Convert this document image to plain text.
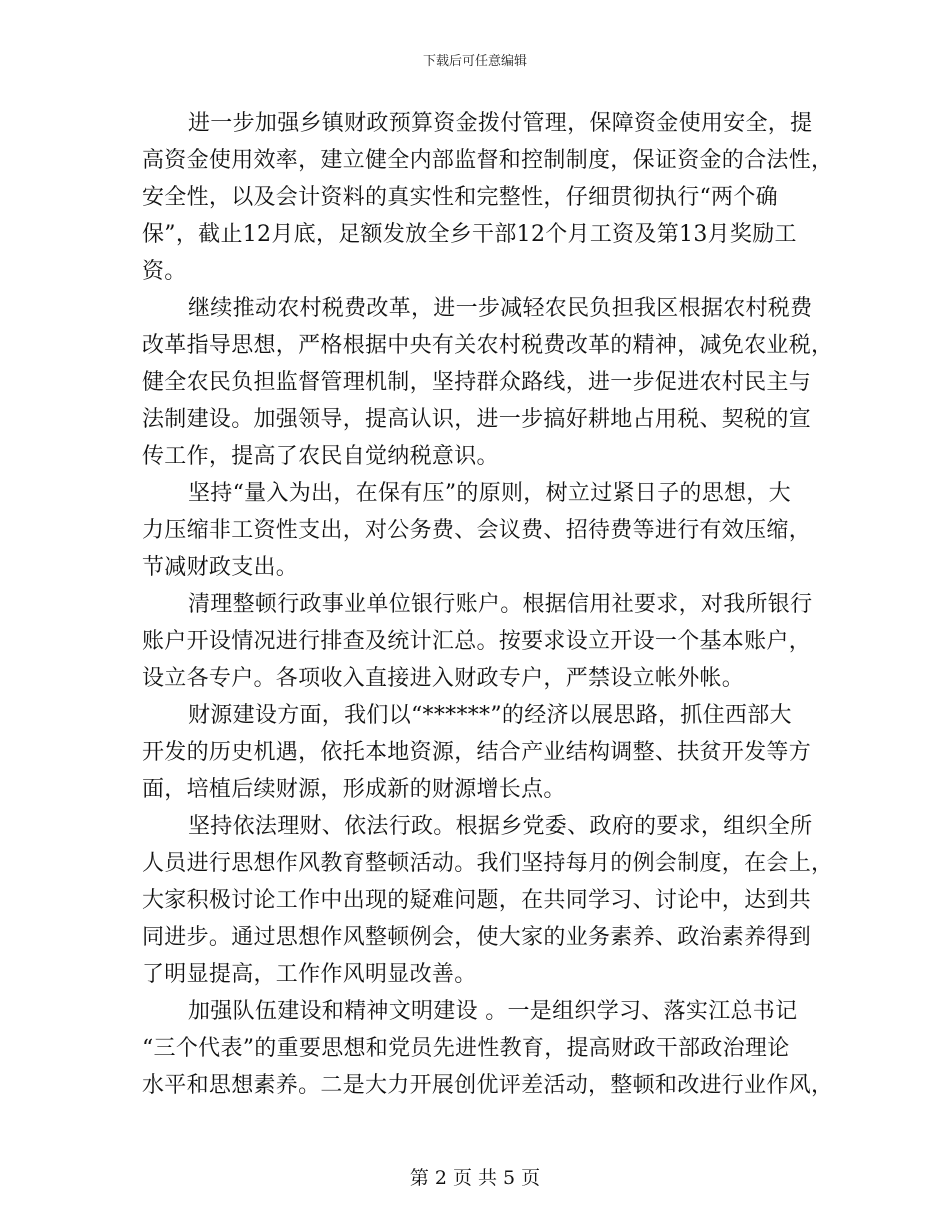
下载后可任意编辑
进一步加强乡镇财政预算资金拨付管理，保障资金使用安全，提
高资金使用效率，建立健全内部监督和控制制度，保证资金的合法性，
安全性，以及会计资料的真实性和完整性，仔细贯彻执行“两个确
保”，截止12月底，足额发放全乡干部12个月工资及第13月奖励工
资。
继续推动农村税费改革，进一步减轻农民负担我区根据农村税费
改革指导思想，严格根据中央有关农村税费改革的精神，减免农业税，
健全农民负担监督管理机制，坚持群众路线，进一步促进农村民主与
法制建设。加强领导，提高认识，进一步搞好耕地占用税、契税的宣
传工作，提高了农民自觉纳税意识。
坚持“量入为出，在保有压”的原则，树立过紧日子的思想，大
力压缩非工资性支出，对公务费、会议费、招待费等进行有效压缩，
节减财政支出。
清理整顿行政事业单位银行账户。根据信用社要求，对我所银行
账户开设情况进行排查及统计汇总。按要求设立开设一个基本账户，
设立各专户。各项收入直接进入财政专户，严禁设立帐外帐。
财源建设方面，我们以“******”的经济以展思路，抓住西部大
开发的历史机遇，依托本地资源，结合产业结构调整、扶贫开发等方
面，培植后续财源，形成新的财源增长点。
坚持依法理财、依法行政。根据乡党委、政府的要求，组织全所
人员进行思想作风教育整顿活动。我们坚持每月的例会制度，在会上，
大家积极讨论工作中出现的疑难问题，在共同学习、讨论中，达到共
同进步。通过思想作风整顿例会，使大家的业务素养、政治素养得到
了明显提高，工作作风明显改善。
加强队伍建设和精神文明建设 。一是组织学习、落实江总书记
“三个代表”的重要思想和党员先进性教育，提高财政干部政治理论
水平和思想素养。二是大力开展创优评差活动，整顿和改进行业作风，
第 2 页 共 5 页
